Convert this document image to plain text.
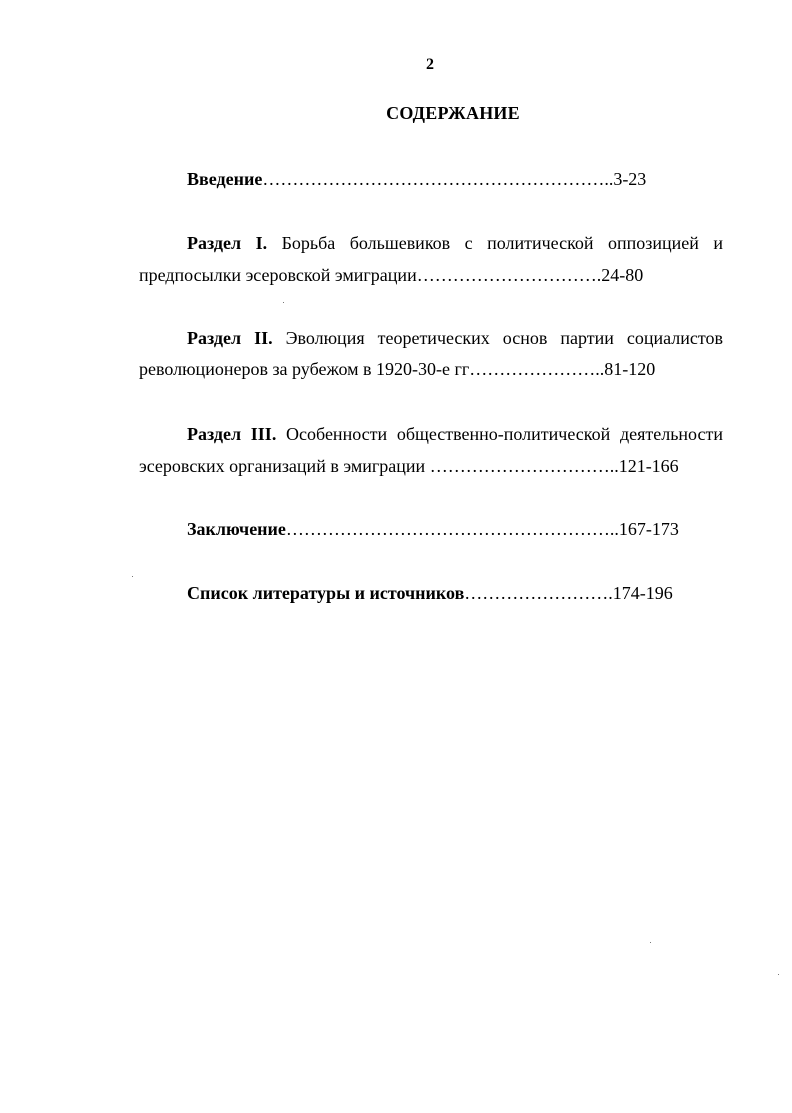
2
СОДЕРЖАНИЕ
Введение…………………………………………………..3-23
Раздел I. Борьба большевиков с политической оппозицией и
предпосылки эсеровской эмиграции………………………….24-80
Раздел II. Эволюция теоретических основ партии социалистов
революционеров за рубежом в 1920-30-е гг…………………..81-120
Раздел III. Особенности общественно-политической деятельности
эсеровских организаций в эмиграции …………………………..121-166
Заключение………………………………………………..167-173
Список литературы и источников…………………….174-196
